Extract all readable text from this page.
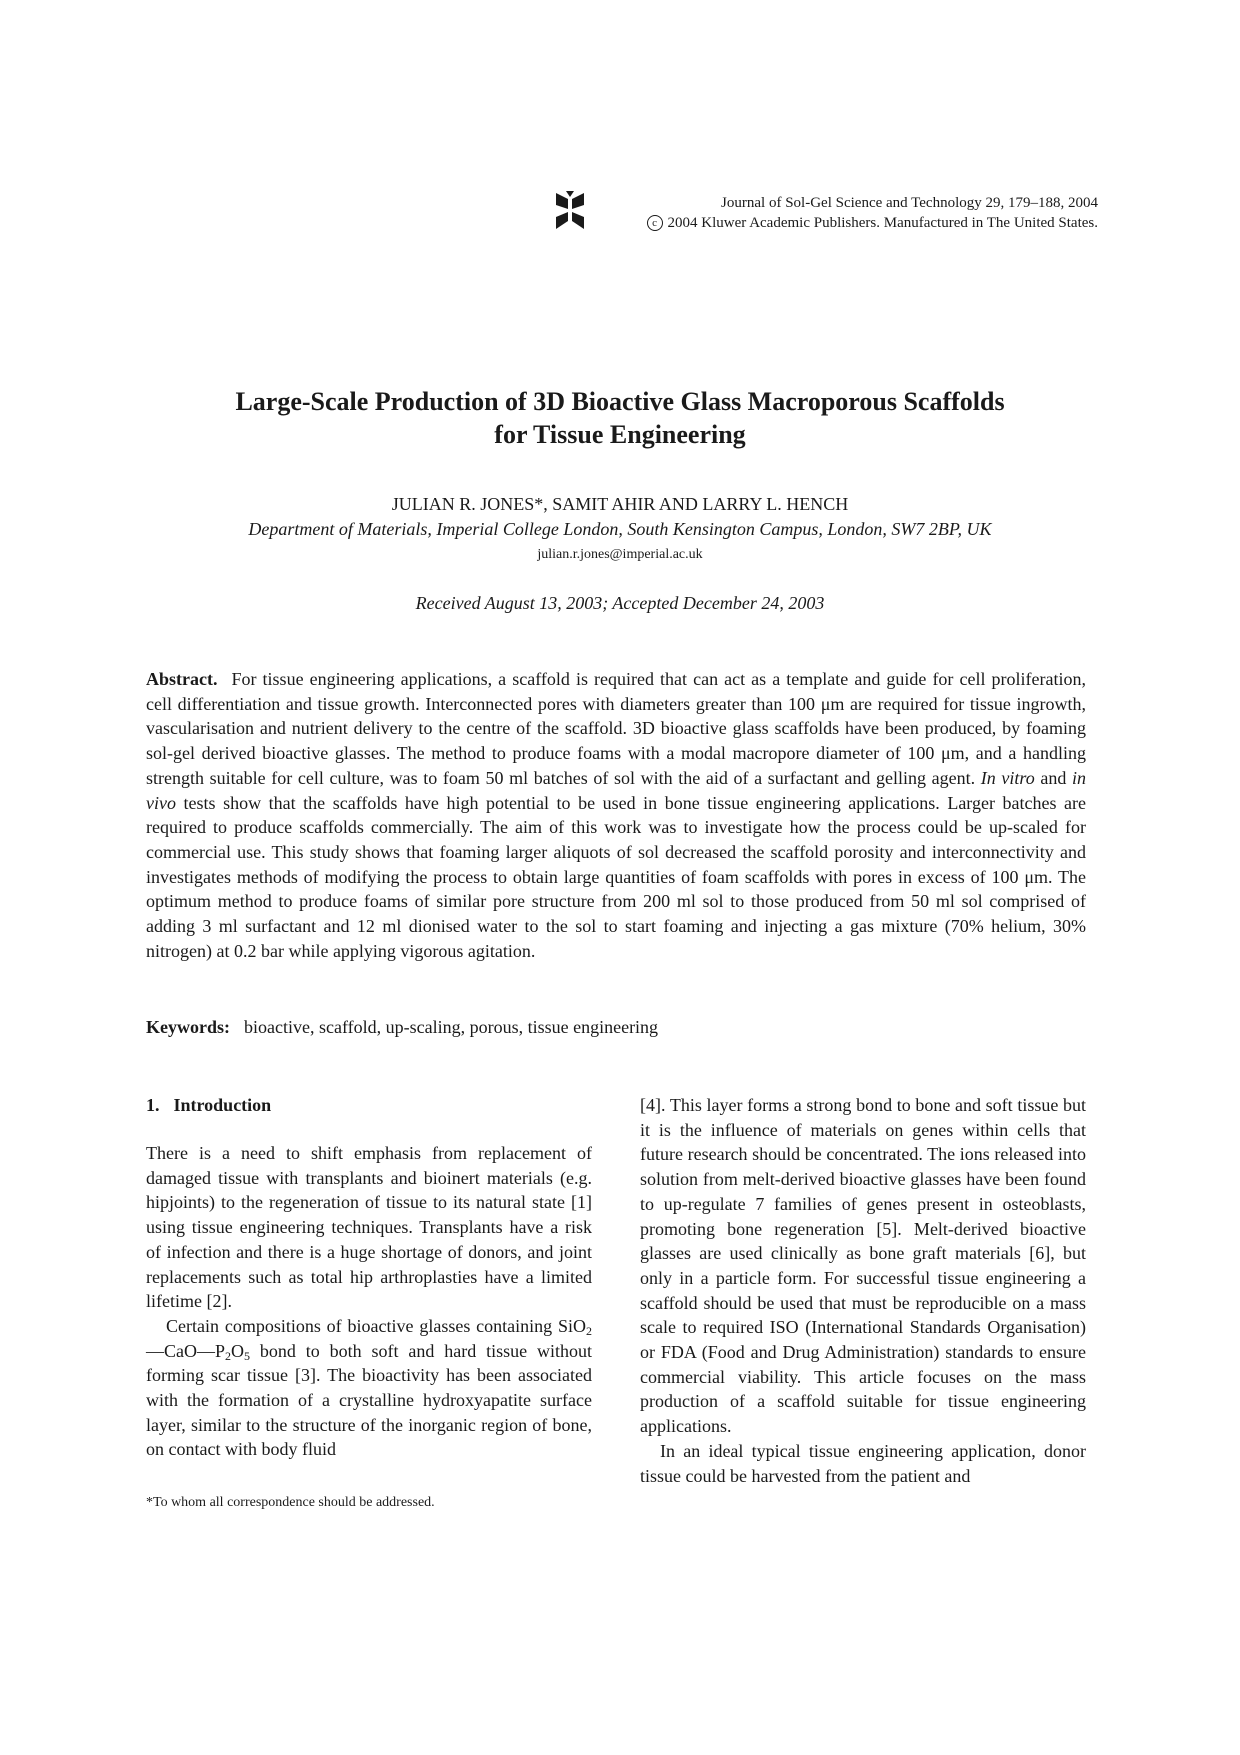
Journal of Sol-Gel Science and Technology 29, 179–188, 2004
c 2004 Kluwer Academic Publishers. Manufactured in The United States.
Large-Scale Production of 3D Bioactive Glass Macroporous Scaffolds
for Tissue Engineering
JULIAN R. JONES*, SAMIT AHIR AND LARRY L. HENCH
Department of Materials, Imperial College London, South Kensington Campus, London, SW7 2BP, UK
julian.r.jones@imperial.ac.uk
Received August 13, 2003; Accepted December 24, 2003

Abstract. For tissue engineering applications, a scaffold is required that can act as a template and guide for cell proliferation, cell differentiation and tissue growth. Interconnected pores with diameters greater than 100 μm are required for tissue ingrowth, vascularisation and nutrient delivery to the centre of the scaffold. 3D bioactive glass scaffolds have been produced, by foaming sol-gel derived bioactive glasses. The method to produce foams with a modal macropore diameter of 100 μm, and a handling strength suitable for cell culture, was to foam 50 ml batches of sol with the aid of a surfactant and gelling agent. In vitro and in vivo tests show that the scaffolds have high potential to be used in bone tissue engineering applications. Larger batches are required to produce scaffolds commercially. The aim of this work was to investigate how the process could be up-scaled for commercial use. This study shows that foaming larger aliquots of sol decreased the scaffold porosity and interconnectivity and investigates methods of modifying the process to obtain large quantities of foam scaffolds with pores in excess of 100 μm. The optimum method to produce foams of similar pore structure from 200 ml sol to those produced from 50 ml sol comprised of adding 3 ml surfactant and 12 ml dionised water to the sol to start foaming and injecting a gas mixture (70% helium, 30% nitrogen) at 0.2 bar while applying vigorous agitation.

Keywords: bioactive, scaffold, up-scaling, porous, tissue engineering
1. Introduction

There is a need to shift emphasis from replacement of damaged tissue with transplants and bioinert materials (e.g. hipjoints) to the regeneration of tissue to its natural state [1] using tissue engineering techniques. Transplants have a risk of infection and there is a huge shortage of donors, and joint replacements such as total hip arthroplasties have a limited lifetime [2].

Certain compositions of bioactive glasses containing $SiO_2—CaO—P_2O_5$ bond to both soft and hard tissue without forming scar tissue [3]. The bioactivity has been associated with the formation of a crystalline hydroxyapatite surface layer, similar to the structure of the inorganic region of bone, on contact with body fluid

[4]. This layer forms a strong bond to bone and soft tissue but it is the influence of materials on genes within cells that future research should be concentrated. The ions released into solution from melt-derived bioactive glasses have been found to up-regulate 7 families of genes present in osteoblasts, promoting bone regeneration [5]. Melt-derived bioactive glasses are used clinically as bone graft materials [6], but only in a particle form. For successful tissue engineering a scaffold should be used that must be reproducible on a mass scale to required ISO (International Standards Organisation) or FDA (Food and Drug Administration) standards to ensure commercial viability. This article focuses on the mass production of a scaffold suitable for tissue engineering applications.

In an ideal typical tissue engineering application, donor tissue could be harvested from the patient and

*To whom all correspondence should be addressed.
